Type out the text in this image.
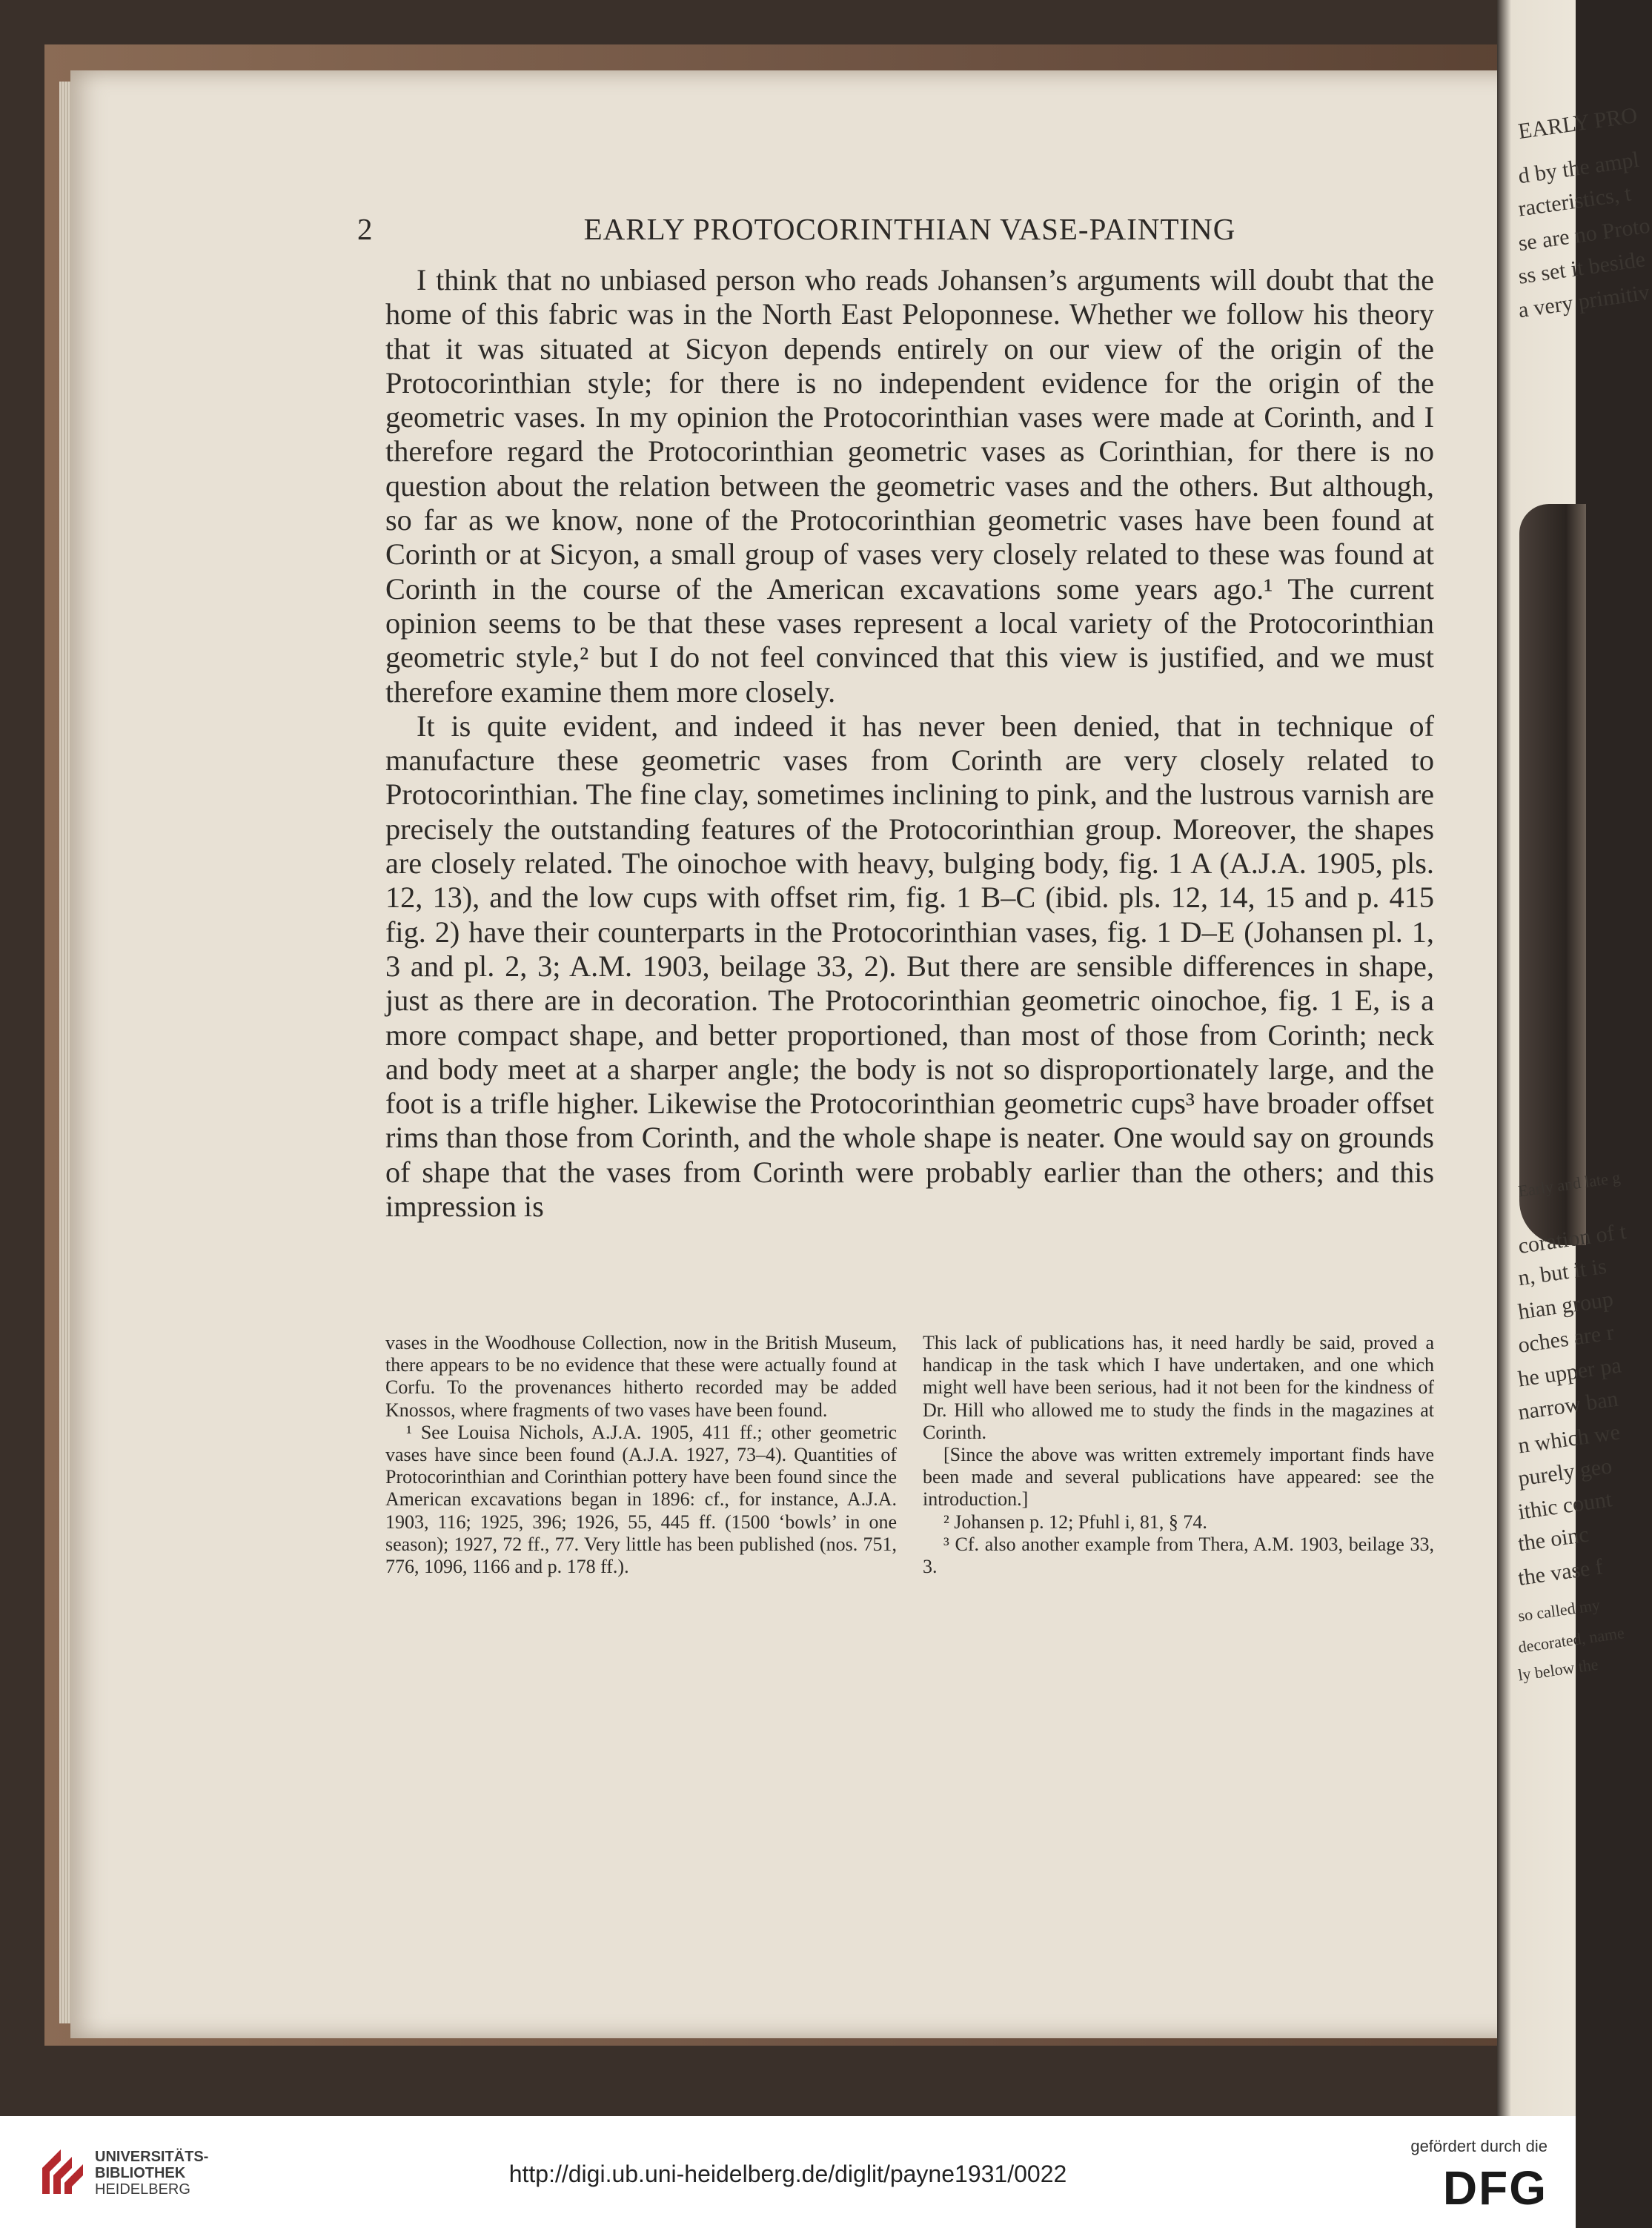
EARLY PRO
d by the ampl
racteristics, t
se are no Proto
ss set it beside
a very primitiv
Early and late g
coration of t
n, but it is
hian group
oches are r
he upper pa
narrow ban
n which we
purely geo
ithic count
the oinc
the vase f
so called my
decorated, name
ly below the
2	EARLY PROTOCORINTHIAN VASE-PAINTING

I think that no unbiased person who reads Johansen’s arguments will doubt that the home of this fabric was in the North East Peloponnese. Whether we follow his theory that it was situated at Sicyon depends entirely on our view of the origin of the Protocorinthian style; for there is no independent evidence for the origin of the geometric vases. In my opinion the Protocorinthian vases were made at Corinth, and I therefore regard the Protocorinthian geometric vases as Corinthian, for there is no question about the relation between the geometric vases and the others. But although, so far as we know, none of the Protocorinthian geometric vases have been found at Corinth or at Sicyon, a small group of vases very closely related to these was found at Corinth in the course of the American excavations some years ago.¹ The current opinion seems to be that these vases represent a local variety of the Protocorinthian geometric style,² but I do not feel convinced that this view is justified, and we must therefore examine them more closely.

It is quite evident, and indeed it has never been denied, that in technique of manufacture these geometric vases from Corinth are very closely related to Protocorinthian. The fine clay, sometimes inclining to pink, and the lustrous varnish are precisely the outstanding features of the Protocorinthian group. Moreover, the shapes are closely related. The oinochoe with heavy, bulging body, fig. 1 A (A.J.A. 1905, pls. 12, 13), and the low cups with offset rim, fig. 1 B–C (ibid. pls. 12, 14, 15 and p. 415 fig. 2) have their counterparts in the Protocorinthian vases, fig. 1 D–E (Johansen pl. 1, 3 and pl. 2, 3; A.M. 1903, beilage 33, 2). But there are sensible differences in shape, just as there are in decoration. The Protocorinthian geometric oinochoe, fig. 1 E, is a more compact shape, and better proportioned, than most of those from Corinth; neck and body meet at a sharper angle; the body is not so disproportionately large, and the foot is a trifle higher. Likewise the Protocorinthian geometric cups³ have broader offset rims than those from Corinth, and the whole shape is neater. One would say on grounds of shape that the vases from Corinth were probably earlier than the others; and this impression is

vases in the Woodhouse Collection, now in the British Museum, there appears to be no evidence that these were actually found at Corfu. To the provenances hitherto recorded may be added Knossos, where fragments of two vases have been found.

¹ See Louisa Nichols, A.J.A. 1905, 411 ff.; other geometric vases have since been found (A.J.A. 1927, 73–4). Quantities of Protocorinthian and Corinthian pottery have been found since the American excavations began in 1896: cf., for instance, A.J.A. 1903, 116; 1925, 396; 1926, 55, 445 ff. (1500 ‘bowls’ in one season); 1927, 72 ff., 77. Very little has been published (nos. 751, 776, 1096, 1166 and p. 178 ff.).

This lack of publications has, it need hardly be said, proved a handicap in the task which I have undertaken, and one which might well have been serious, had it not been for the kindness of Dr. Hill who allowed me to study the finds in the magazines at Corinth.

[Since the above was written extremely important finds have been made and several publications have appeared: see the introduction.]

² Johansen p. 12; Pfuhl i, 81, § 74.

³ Cf. also another example from Thera, A.M. 1903, beilage 33, 3.

UNIVERSITÄTS-
BIBLIOTHEK
HEIDELBERG
http://digi.ub.uni-heidelberg.de/diglit/payne1931/0022
gefördert durch die
DFG
